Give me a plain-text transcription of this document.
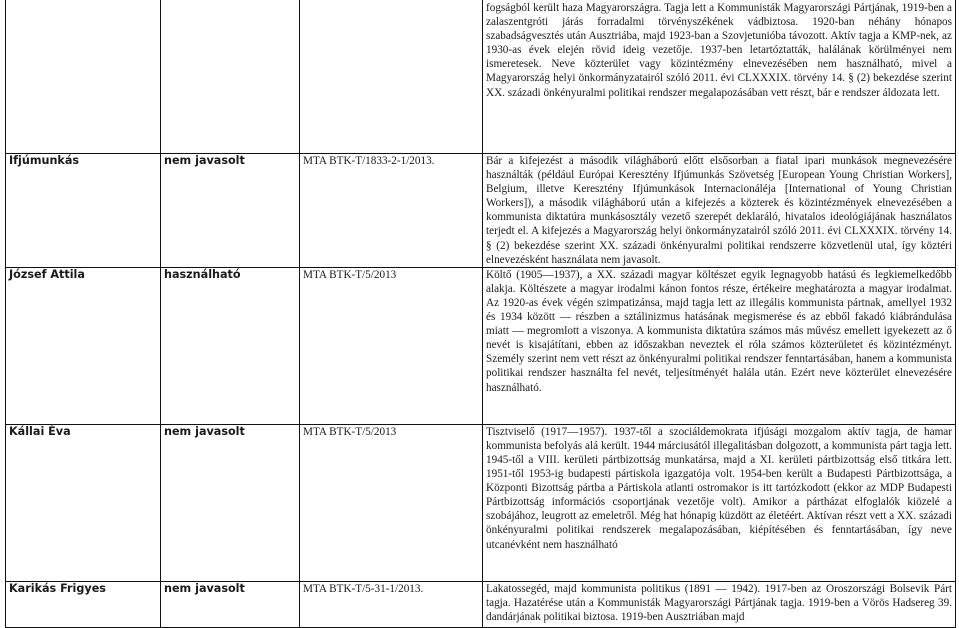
			fogságból került haza Magyarországra. Tagja lett a Kommunisták Magyarországi Pártjának, 1919-ben a zalaszentgróti járás forradalmi törvényszékének vádbiztosa. 1920-ban néhány hónapos szabadságvesztés után Ausztriába, majd 1923-ban a Szovjetunióba távozott. Aktív tagja a KMP-nek, az 1930-as évek elején rövid ideig vezetője. 1937-ben letartóztatták, halálának körülményei nem ismeretesek. Neve közterület vagy közintézmény elnevezésében nem használható, mivel a Magyarország helyi önkormányzatairól szóló 2011. évi CLXXXIX. törvény 14. § (2) bekezdése szerint XX. századi önkényuralmi politikai rendszer megalapozásában vett részt, bár e rendszer áldozata lett.
Ifjúmunkás	nem javasolt	MTA BTK-T/1833-2-1/2013.	Bár a kifejezést a második világháború előtt elsősorban a fiatal ipari munkások megnevezésére használták (például Európai Keresztény Ifjúmunkás Szövetség [European Young Christian Workers], Belgium, illetve Keresztény Ifjúmunkások Internacionáléja [International of Young Christian Workers]), a második világháború után a kifejezés a közterek és közintézmények elnevezésében a kommunista diktatúra munkásosztály vezető szerepét deklaráló, hivatalos ideológiájának használatos terjedt el. A kifejezés a Magyarország helyi önkormányzatairól szóló 2011. évi CLXXXIX. törvény 14. § (2) bekezdése szerint XX. századi önkényuralmi politikai rendszerre közvetlenül utal, így köztéri elnevezésként használata nem javasolt.
József Attila	használható	MTA BTK-T/5/2013	Költő (1905—1937), a XX. századi magyar költészet egyik legnagyobb hatású és legkiemelkedőbb alakja. Költészete a magyar irodalmi kánon fontos része, értékeire meghatározta a magyar irodalmat. Az 1920-as évek végén szimpatizánsa, majd tagja lett az illegális kommunista pártnak, amellyel 1932 és 1934 között — részben a sztálinizmus hatásának megismerése és az ebből fakadó kiábrándulása miatt — megromlott a viszonya. A kommunista diktatúra számos más művész emellett igyekezett az ő nevét is kisajátítani, ebben az időszakban neveztek el róla számos közterületet és közintézményt. Személy szerint nem vett részt az önkényuralmi politikai rendszer fenntartásában, hanem a kommunista politikai rendszer használta fel nevét, teljesítményét halála után. Ezért neve közterület elnevezésére használható.
Kállai Éva	nem javasolt	MTA BTK-T/5/2013	Tisztviselő (1917—1957). 1937-től a szociáldemokrata ifjúsági mozgalom aktív tagja, de hamar kommunista befolyás alá került. 1944 márciusától illegalitásban dolgozott, a kommunista párt tagja lett. 1945-től a VIII. kerületi pártbizottság munkatársa, majd a XI. kerületi pártbizottság első titkára lett. 1951-től 1953-ig budapesti pártiskola igazgatója volt. 1954-ben került a Budapesti Pártbizottsága, a Központi Bizottság pártba a Pártiskola atlanti ostromakor is itt tartózkodott (ekkor az MDP Budapesti Pártbizottság információs csoportjának vezetője volt). Amikor a pártházat elfoglalók kiözelé a szobájához, leugrott az emeletről. Még hat hónapig küzdött az életéért. Aktívan részt vett a XX. századi önkényuralmi politikai rendszerek megalapozásában, kiépítésében és fenntartásában, így neve utcanévként nem használható
Karikás Frigyes	nem javasolt	MTA BTK-T/5-31-1/2013.	Lakatossegéd, majd kommunista politikus (1891 — 1942). 1917-ben az Oroszországi Bolsevik Párt tagja. Hazatérése után a Kommunisták Magyarországi Pártjának tagja. 1919-ben a Vörös Hadsereg 39. dandárjának politikai biztosa. 1919-ben Ausztriában majd
